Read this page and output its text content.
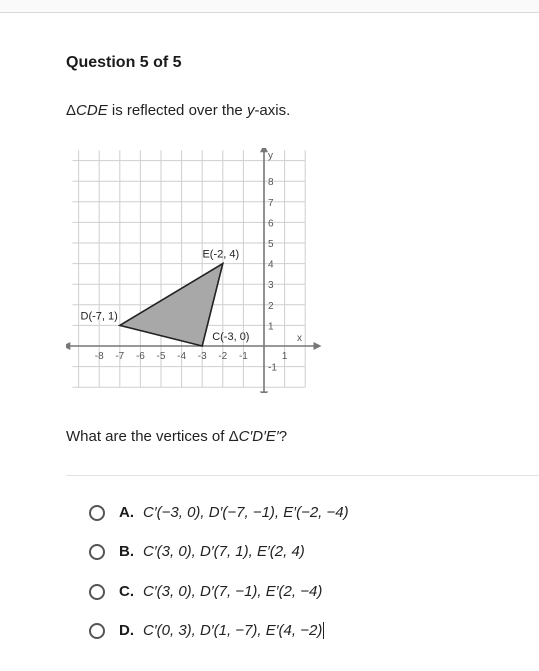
Question 5 of 5
ΔCDE is reflected over the y-axis.
x
y
-8 -7 -6 -5 -4 -3 -2 -1	1
-1
1
2
3
4
5
6
7
8
C(-3, 0)
D(-7, 1)
E(-2, 4)
What are the vertices of ΔC′D′E′?
A. C′(−3, 0), D′(−7, −1), E′(−2, −4)
B. C′(3, 0), D′(7, 1), E′(2, 4)
C. C′(3, 0), D′(7, −1), E′(2, −4)
D. C′(0, 3), D′(1, −7), E′(4, −2)
